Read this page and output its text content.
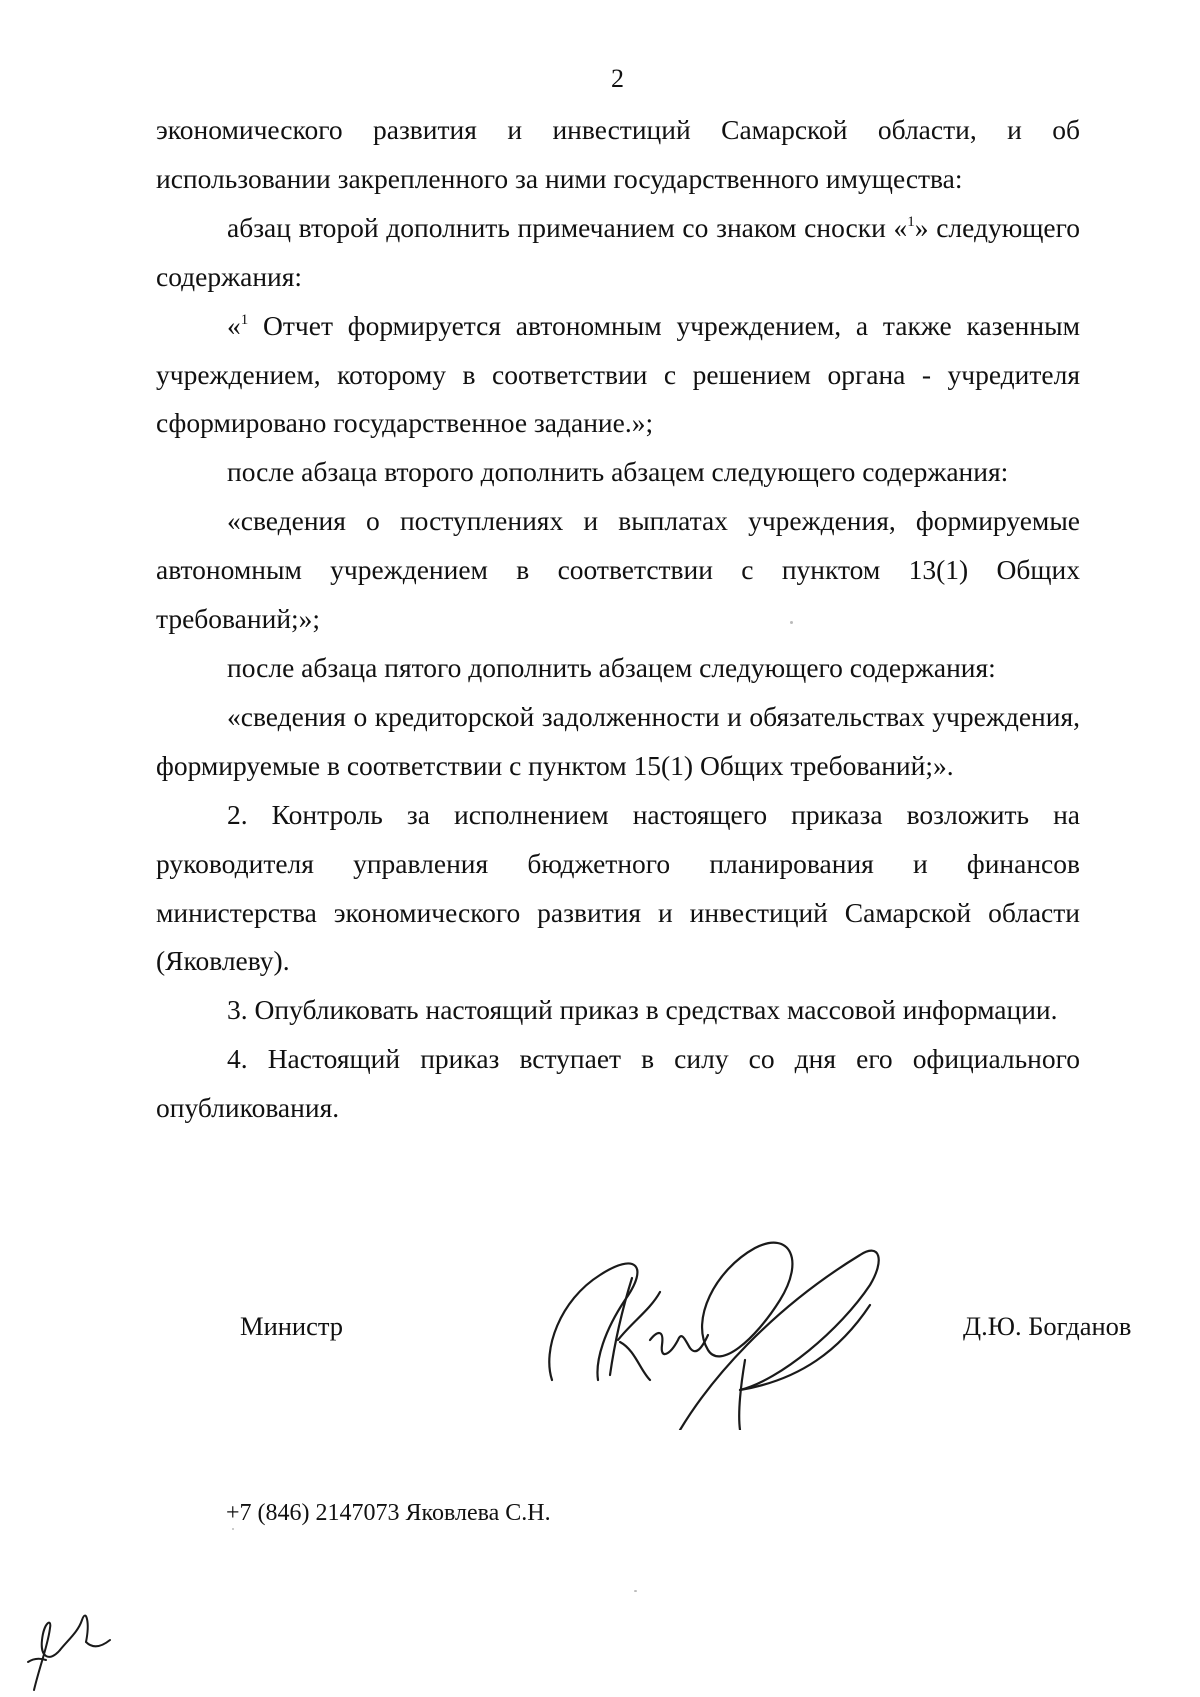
2

экономического развития и инвестиций Самарской области, и об использовании закрепленного за ними государственного имущества:

абзац второй дополнить примечанием со знаком сноски «$^1$» следующего содержания:

«$^1$ Отчет формируется автономным учреждением, а также казенным учреждением, которому в соответствии с решением органа - учредителя сформировано государственное задание.»;

после абзаца второго дополнить абзацем следующего содержания:

«сведения о поступлениях и выплатах учреждения, формируемые автономным учреждением в соответствии с пунктом 13(1) Общих требований;»;

после абзаца пятого дополнить абзацем следующего содержания:

«сведения о кредиторской задолженности и обязательствах учреждения, формируемые в соответствии с пунктом 15(1) Общих требований;».

2. Контроль за исполнением настоящего приказа возложить на руководителя управления бюджетного планирования и финансов министерства экономического развития и инвестиций Самарской области (Яковлеву).

3. Опубликовать настоящий приказ в средствах массовой информации.

4. Настоящий приказ вступает в силу со дня его официального опубликования.

Министр	Д.Ю. Богданов
+7 (846) 2147073 Яковлева С.Н.
